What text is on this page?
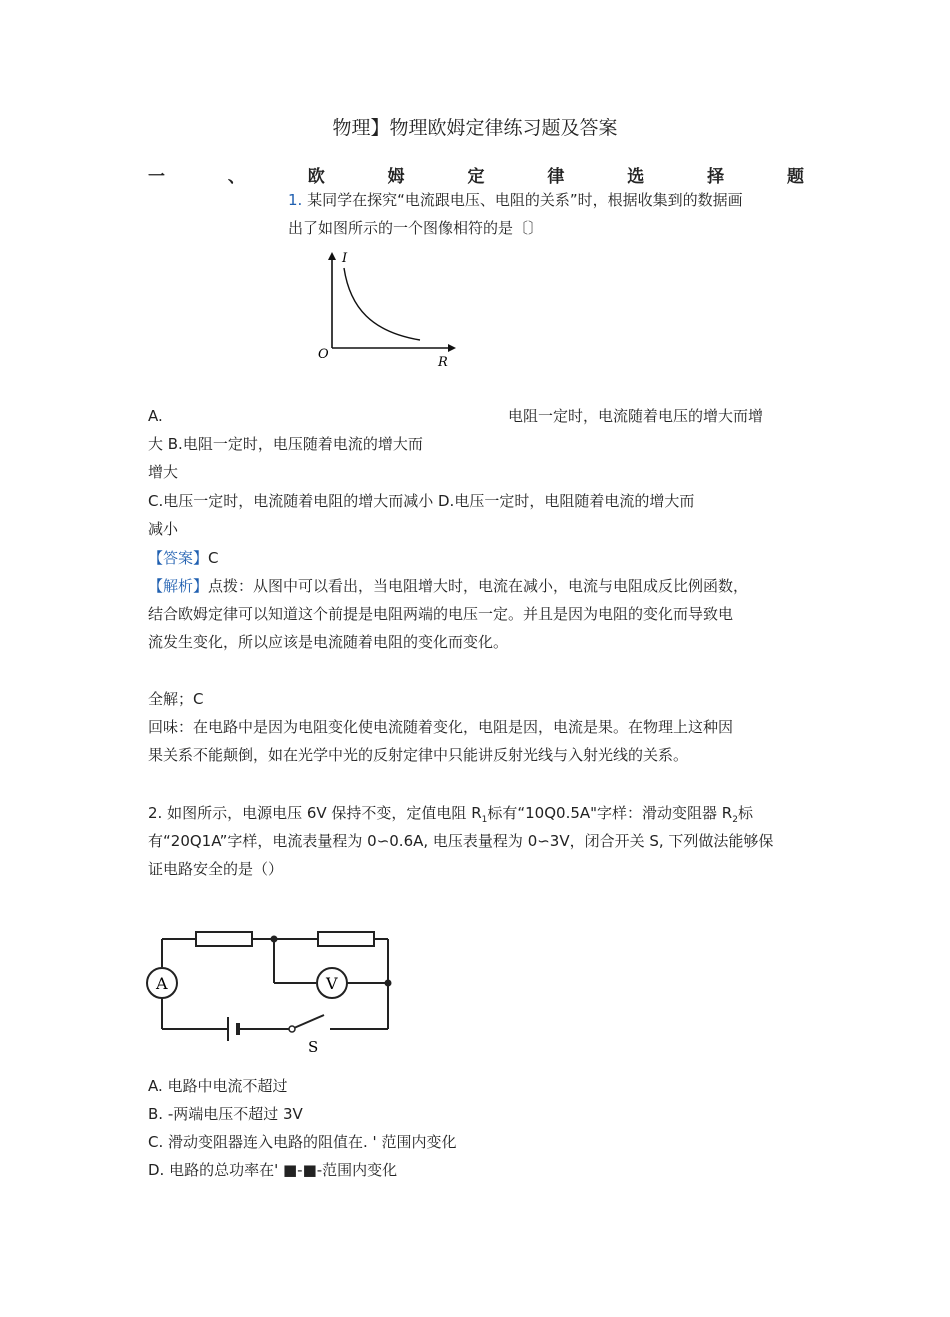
物理】物理欧姆定律练习题及答案
一	、	欧	姆	定	律	选	择	题
1. 某同学在探究“电流跟电压、电阻的关系”时，根据收集到的数据画
出了如图所示的一个图像相符的是〔〕
I
R
O
A.	电阻一定时，电流随着电压的增大而增
大 B.电阻一定时，电压随着电流的增大而
增大
C.电压一定时，电流随着电阻的增大而减小 D.电压一定时，电阻随着电流的增大而
减小
【答案】C
【解析】点拨：从图中可以看出，当电阻增大时，电流在减小，电流与电阻成反比例函数，
结合欧姆定律可以知道这个前提是电阻两端的电压一定。并且是因为电阻的变化而导致电
流发生变化，所以应该是电流随着电阻的变化而变化。
全解；C
回味：在电路中是因为电阻变化使电流随着变化，电阻是因，电流是果。在物理上这种因
果关系不能颠倒，如在光学中光的反射定律中只能讲反射光线与入射光线的关系。
2. 如图所示，电源电压 6V 保持不变，定值电阻 $R_1$标有“10Q0.5A"字样：滑动变阻器 $R_2$标
有“20Q1A”字样，电流表量程为 0∽0.6A, 电压表量程为 0∽3V，闭合开关 S, 下列做法能够保
证电路安全的是（）
A	V
S
A. 电路中电流不超过
B. -两端电压不超过 3V
C. 滑动变阻器连入电路的阻值在. ' 范围内变化
D. 电路的总功率在' ■-■-范围内变化
